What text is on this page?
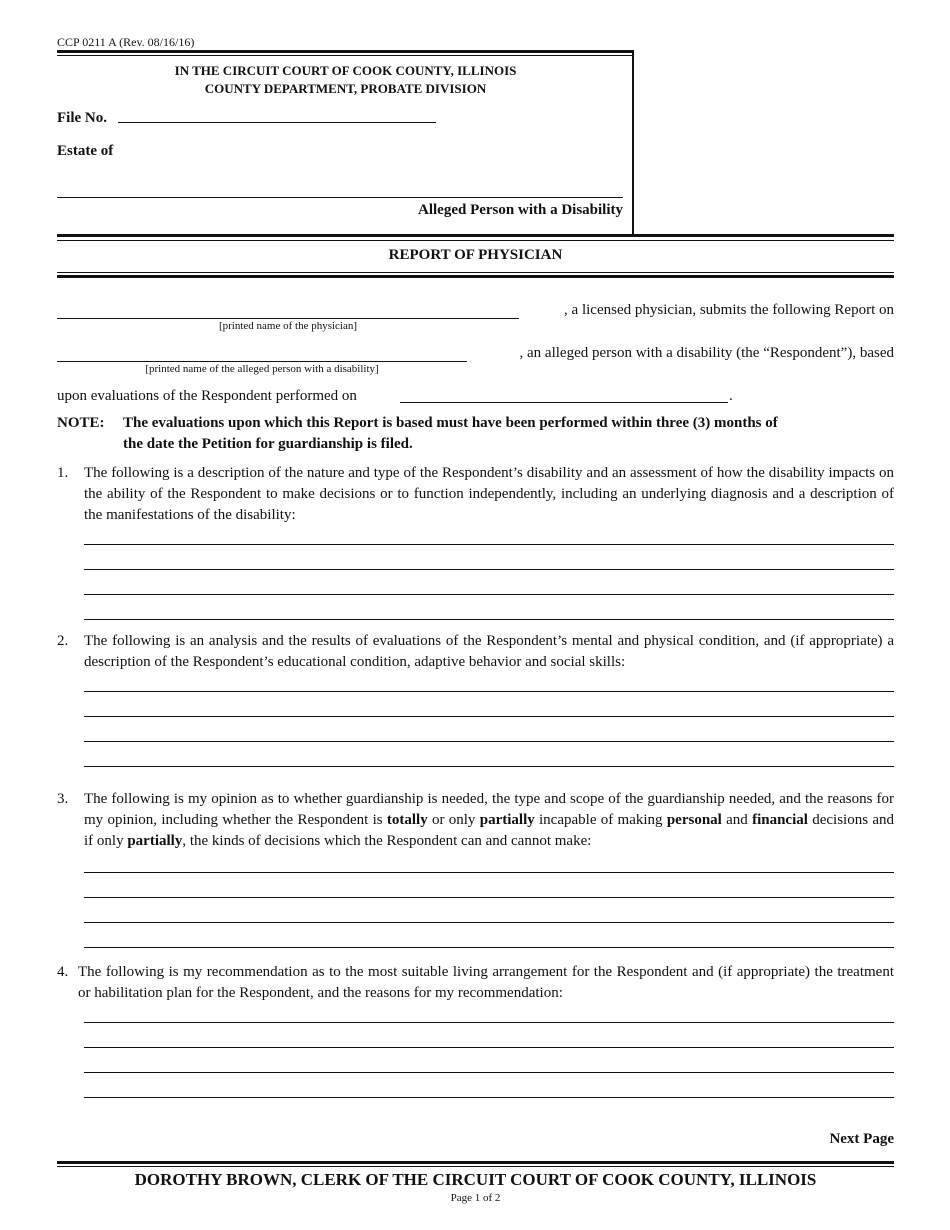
CCP 0211 A (Rev. 08/16/16)
IN THE CIRCUIT COURT OF COOK COUNTY, ILLINOIS
COUNTY DEPARTMENT, PROBATE DIVISION
File No.
Estate of
Alleged Person with a Disability
REPORT OF PHYSICIAN
, a licensed physician, submits the following Report on
[printed name of the physician]
, an alleged person with a disability (the “Respondent”), based
[printed name of the alleged person with a disability]
upon evaluations of the Respondent performed on	.
NOTE: The evaluations upon which this Report is based must have been performed within three (3) months of
the date the Petition for guardianship is filed.
1. The following is a description of the nature and type of the Respondent’s disability and an assessment of how the disability impacts on the ability of the Respondent to make decisions or to function independently, including an underlying diagnosis and a description of the manifestations of the disability:
2. The following is an analysis and the results of evaluations of the Respondent’s mental and physical condition, and (if appropriate) a description of the Respondent’s educational condition, adaptive behavior and social skills:
3. The following is my opinion as to whether guardianship is needed, the type and scope of the guardianship needed, and the reasons for my opinion, including whether the Respondent is totally or only partially incapable of making personal and financial decisions and if only partially, the kinds of decisions which the Respondent can and cannot make:
4. The following is my recommendation as to the most suitable living arrangement for the Respondent and (if appropriate) the treatment or habilitation plan for the Respondent, and the reasons for my recommendation:
Next Page
DOROTHY BROWN, CLERK OF THE CIRCUIT COURT OF COOK COUNTY, ILLINOIS
Page 1 of 2
